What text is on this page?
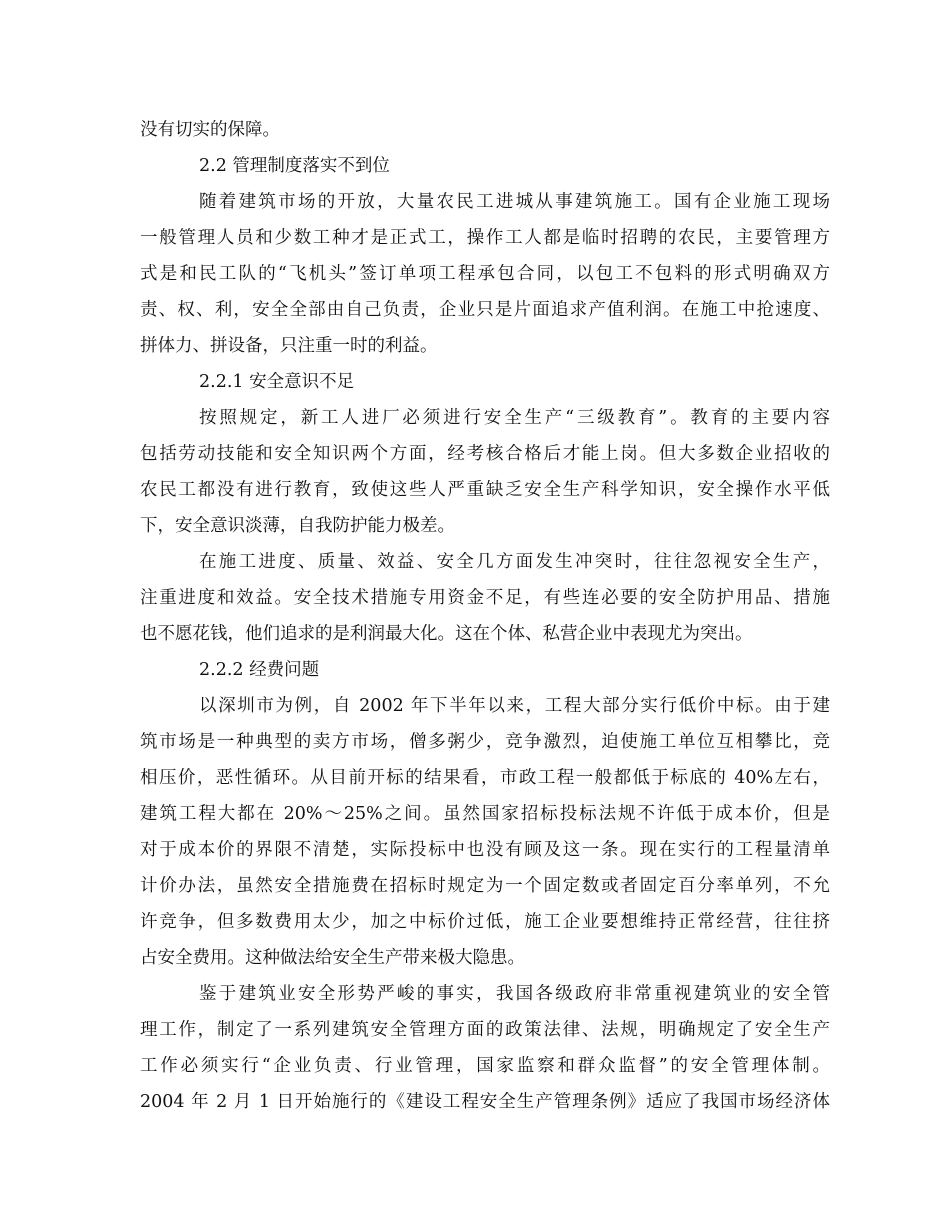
没有切实的保障。
2.2 管理制度落实不到位
随着建筑市场的开放，大量农民工进城从事建筑施工。国有企业施工现场
一般管理人员和少数工种才是正式工，操作工人都是临时招聘的农民，主要管理方
式是和民工队的“飞机头”签订单项工程承包合同，以包工不包料的形式明确双方
责、权、利，安全全部由自己负责，企业只是片面追求产值利润。在施工中抢速度、
拼体力、拼设备，只注重一时的利益。
2.2.1 安全意识不足
按照规定，新工人进厂必须进行安全生产“三级教育”。教育的主要内容
包括劳动技能和安全知识两个方面，经考核合格后才能上岗。但大多数企业招收的
农民工都没有进行教育，致使这些人严重缺乏安全生产科学知识，安全操作水平低
下，安全意识淡薄，自我防护能力极差。
在施工进度、质量、效益、安全几方面发生冲突时，往往忽视安全生产，
注重进度和效益。安全技术措施专用资金不足，有些连必要的安全防护用品、措施
也不愿花钱，他们追求的是利润最大化。这在个体、私营企业中表现尤为突出。
2.2.2 经费问题
以深圳市为例，自 2002 年下半年以来，工程大部分实行低价中标。由于建
筑市场是一种典型的卖方市场，僧多粥少，竞争激烈，迫使施工单位互相攀比，竞
相压价，恶性循环。从目前开标的结果看，市政工程一般都低于标底的 40%左右，
建筑工程大都在 20%～25%之间。虽然国家招标投标法规不许低于成本价，但是
对于成本价的界限不清楚，实际投标中也没有顾及这一条。现在实行的工程量清单
计价办法，虽然安全措施费在招标时规定为一个固定数或者固定百分率单列，不允
许竞争，但多数费用太少，加之中标价过低，施工企业要想维持正常经营，往往挤
占安全费用。这种做法给安全生产带来极大隐患。
鉴于建筑业安全形势严峻的事实，我国各级政府非常重视建筑业的安全管
理工作，制定了一系列建筑安全管理方面的政策法律、法规，明确规定了安全生产
工作必须实行“企业负责、行业管理，国家监察和群众监督”的安全管理体制。
2004 年 2 月 1 日开始施行的《建设工程安全生产管理条例》适应了我国市场经济体
